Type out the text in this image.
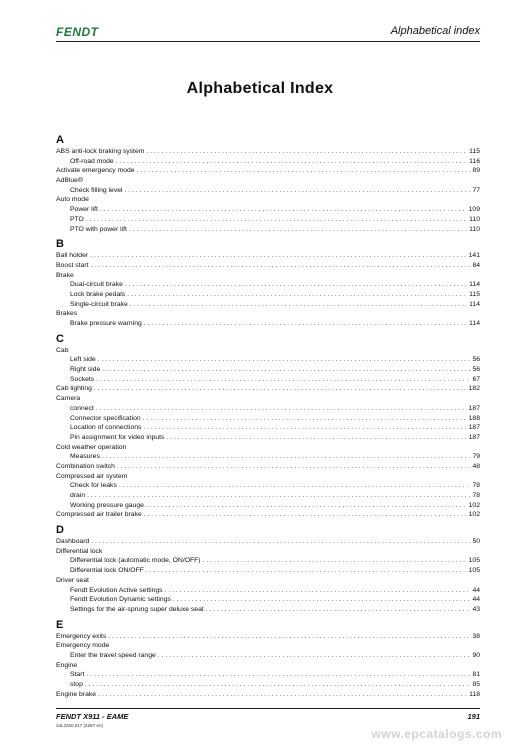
FENDT	Alphabetical index
Alphabetical Index
A
ABS anti-lock braking system . . .	115
Off-road mode . . .	116
Activate emergency mode . . .	89
AdBlue®
Check filling level . . .	77
Auto mode
Power lift . . .	109
PTO . . .	110
PTO with power lift . . .	110
B
Ball holder . . .	141
Boost start . . .	84
Brake
Dual-circuit brake . . .	114
Lock brake pedals . . .	115
Single-circuit brake . . .	114
Brakes
Brake pressure warning . . .	114
C
Cab
Left side . . .	56
Right side . . .	56
Sockets . . .	67
Cab lighting . . .	182
Camera
connect . . .	187
Connector specification . . .	188
Location of connections . . .	187
Pin assignment for video inputs . . .	187
Cold weather operation
Measures . . .	79
Combination switch . . .	48
Compressed air system
Check for leaks . . .	78
drain . . .	78
Working pressure gauge . . .	102
Compressed air trailer brake . . .	102
D
Dashboard . . .	50
Differential lock
Differential lock (automatic mode, ON/OFF) . . .	105
Differential lock ON/OFF . . .	105
Driver seat
Fendt Evolution Active settings . . .	44
Fendt Evolution Dynamic settings . . .	44
Settings for the air-sprung super deluxe seat . . .	43
E
Emergency exits . . .	38
Emergency mode
Enter the travel speed range . . .	90
Engine
Start . . .	81
stop . . .	85
Engine brake . . .	118
FENDT X911 - EAME
34L2250.017 (4287-en)
191
www.epcatalogs.com
